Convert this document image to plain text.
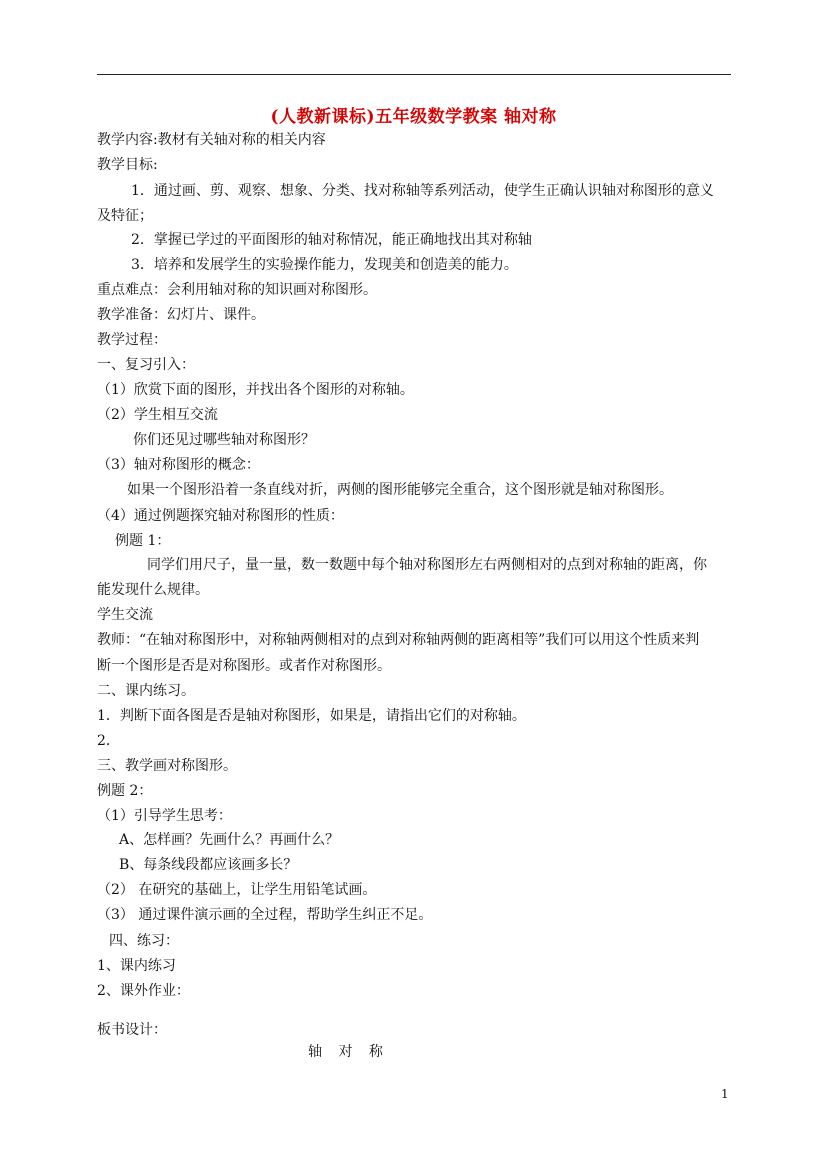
(人教新课标)五年级数学教案 轴对称
教学内容:教材有关轴对称的相关内容
教学目标:
1．通过画、剪、观察、想象、分类、找对称轴等系列活动，使学生正确认识轴对称图形的意义
及特征；
2．掌握已学过的平面图形的轴对称情况，能正确地找出其对称轴
3．培养和发展学生的实验操作能力，发现美和创造美的能力。
重点难点：会利用轴对称的知识画对称图形。
教学准备：幻灯片、课件。
教学过程：
一、复习引入：
（1）欣赏下面的图形，并找出各个图形的对称轴。
（2）学生相互交流
你们还见过哪些轴对称图形？
（3）轴对称图形的概念：
如果一个图形沿着一条直线对折，两侧的图形能够完全重合，这个图形就是轴对称图形。
（4）通过例题探究轴对称图形的性质：
例题 1：
同学们用尺子，量一量，数一数题中每个轴对称图形左右两侧相对的点到对称轴的距离，你
能发现什么规律。
学生交流
教师：“在轴对称图形中，对称轴两侧相对的点到对称轴两侧的距离相等”我们可以用这个性质来判
断一个图形是否是对称图形。或者作对称图形。
二、课内练习。
1．判断下面各图是否是轴对称图形，如果是，请指出它们的对称轴。
2．
三、教学画对称图形。
例题 2：
（1）引导学生思考：
A、怎样画？先画什么？再画什么？
B、每条线段都应该画多长？
（2） 在研究的基础上，让学生用铅笔试画。
（3） 通过课件演示画的全过程，帮助学生纠正不足。
四、练习：
1、课内练习
2、课外作业：
板书设计：
轴 对 称
1
